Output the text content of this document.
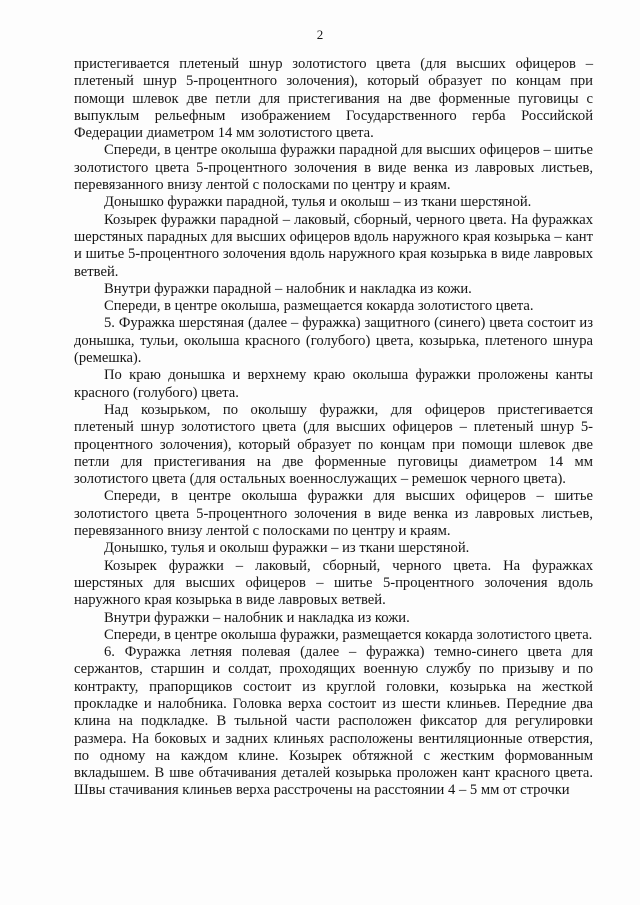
2

пристегивается плетеный шнур золотистого цвета (для высших офицеров – плетеный шнур 5-процентного золочения), который образует по концам при помощи шлевок две петли для пристегивания на две форменные пуговицы с выпуклым рельефным изображением Государственного герба Российской Федерации диаметром 14 мм золотистого цвета.

Спереди, в центре околыша фуражки парадной для высших офицеров – шитье золотистого цвета 5-процентного золочения в виде венка из лавровых листьев, перевязанного внизу лентой с полосками по центру и краям.

Донышко фуражки парадной, тулья и околыш – из ткани шерстяной.

Козырек фуражки парадной – лаковый, сборный, черного цвета. На фуражках шерстяных парадных для высших офицеров вдоль наружного края козырька – кант и шитье 5-процентного золочения вдоль наружного края козырька в виде лавровых ветвей.

Внутри фуражки парадной – налобник и накладка из кожи.

Спереди, в центре околыша, размещается кокарда золотистого цвета.

5. Фуражка шерстяная (далее – фуражка) защитного (синего) цвета состоит из донышка, тульи, околыша красного (голубого) цвета, козырька, плетеного шнура (ремешка).

По краю донышка и верхнему краю околыша фуражки проложены канты красного (голубого) цвета.

Над козырьком, по околышу фуражки, для офицеров пристегивается плетеный шнур золотистого цвета (для высших офицеров – плетеный шнур 5-процентного золочения), который образует по концам при помощи шлевок две петли для пристегивания на две форменные пуговицы диаметром 14 мм золотистого цвета (для остальных военнослужащих – ремешок черного цвета).

Спереди, в центре околыша фуражки для высших офицеров – шитье золотистого цвета 5-процентного золочения в виде венка из лавровых листьев, перевязанного внизу лентой с полосками по центру и краям.

Донышко, тулья и околыш фуражки – из ткани шерстяной.

Козырек фуражки – лаковый, сборный, черного цвета. На фуражках шерстяных для высших офицеров – шитье 5-процентного золочения вдоль наружного края козырька в виде лавровых ветвей.

Внутри фуражки – налобник и накладка из кожи.

Спереди, в центре околыша фуражки, размещается кокарда золотистого цвета.

6. Фуражка летняя полевая (далее – фуражка) темно-синего цвета для сержантов, старшин и солдат, проходящих военную службу по призыву и по контракту, прапорщиков состоит из круглой головки, козырька на жесткой прокладке и налобника. Головка верха состоит из шести клиньев. Передние два клина на подкладке. В тыльной части расположен фиксатор для регулировки размера. На боковых и задних клиньях расположены вентиляционные отверстия, по одному на каждом клине. Козырек обтяжной с жестким формованным вкладышем. В шве обтачивания деталей козырька проложен кант красного цвета. Швы стачивания клиньев верха расстрочены на расстоянии 4 – 5 мм от строчки
